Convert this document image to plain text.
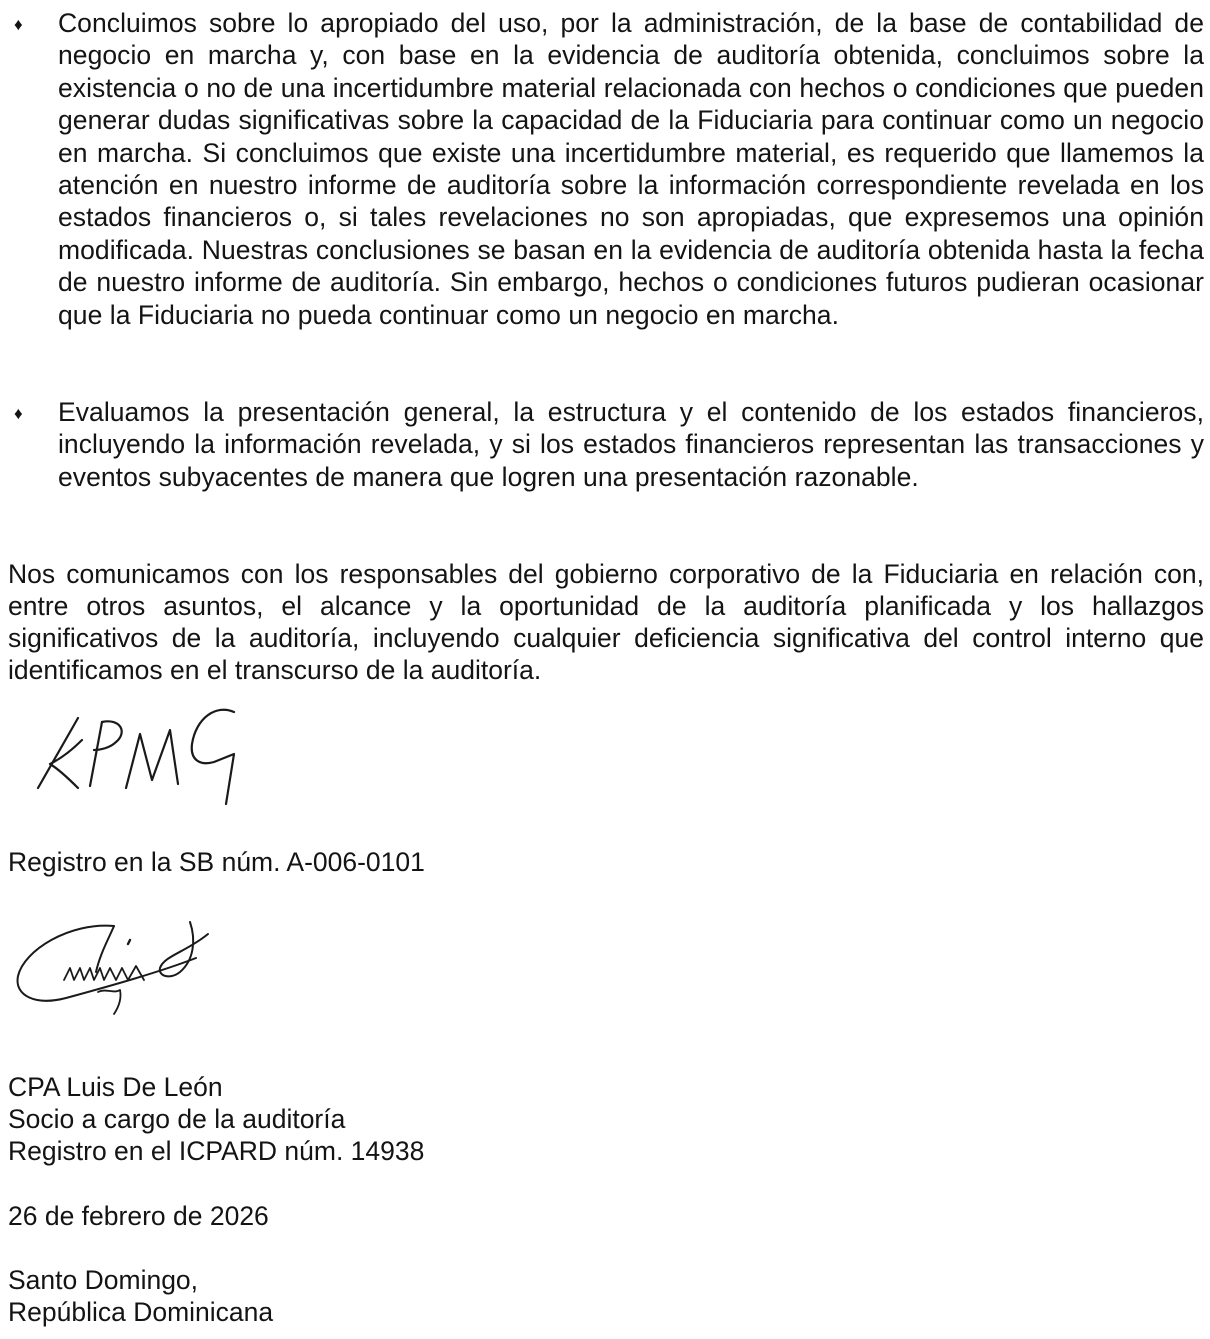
♦ Concluimos sobre lo apropiado del uso, por la administración, de la base de contabilidad de negocio en marcha y, con base en la evidencia de auditoría obtenida, concluimos sobre la existencia o no de una incertidumbre material relacionada con hechos o condiciones que pueden generar dudas significativas sobre la capacidad de la Fiduciaria para continuar como un negocio en marcha. Si concluimos que existe una incertidumbre material, es requerido que llamemos la atención en nuestro informe de auditoría sobre la información correspondiente revelada en los estados financieros o, si tales revelaciones no son apropiadas, que expresemos una opinión modificada. Nuestras conclusiones se basan en la evidencia de auditoría obtenida hasta la fecha de nuestro informe de auditoría. Sin embargo, hechos o condiciones futuros pudieran ocasionar que la Fiduciaria no pueda continuar como un negocio en marcha.
♦ Evaluamos la presentación general, la estructura y el contenido de los estados financieros, incluyendo la información revelada, y si los estados financieros representan las transacciones y eventos subyacentes de manera que logren una presentación razonable.
Nos comunicamos con los responsables del gobierno corporativo de la Fiduciaria en relación con, entre otros asuntos, el alcance y la oportunidad de la auditoría planificada y los hallazgos significativos de la auditoría, incluyendo cualquier deficiencia significativa del control interno que identificamos en el transcurso de la auditoría.
Registro en la SB núm. A-006-0101
CPA Luis De León
Socio a cargo de la auditoría
Registro en el ICPARD núm. 14938
26 de febrero de 2026
Santo Domingo,
República Dominicana
